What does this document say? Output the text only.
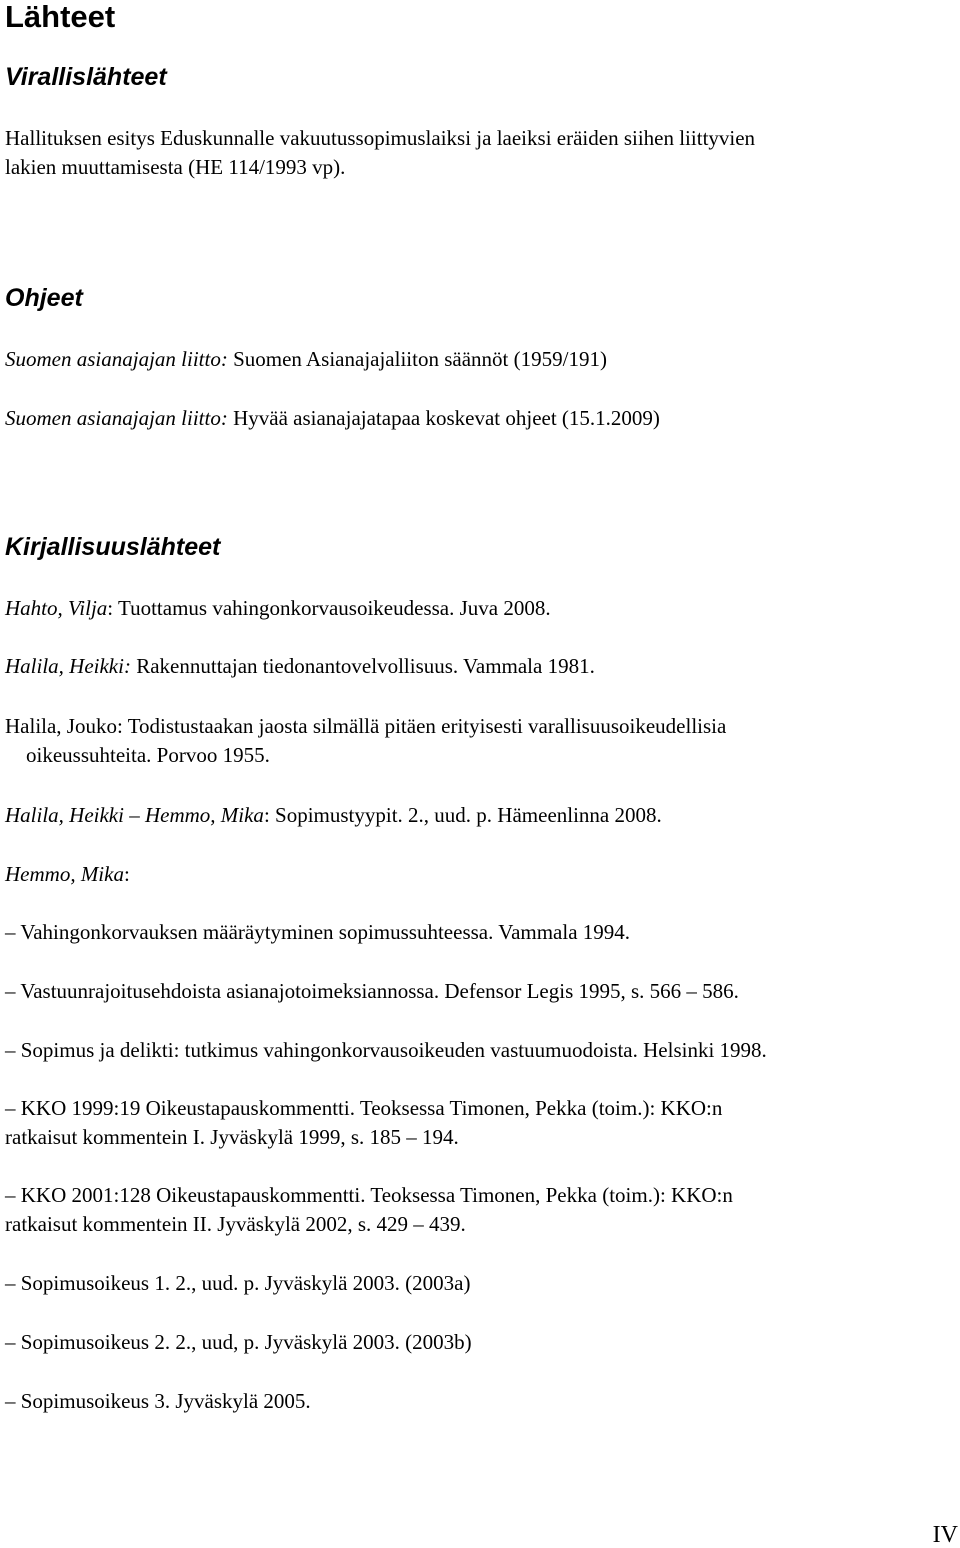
Lähteet
Virallislähteet
Hallituksen esitys Eduskunnalle vakuutussopimuslaiksi ja laeiksi eräiden siihen liittyvien
lakien muuttamisesta (HE 114/1993 vp).
Ohjeet
Suomen asianajajan liitto: Suomen Asianajajaliiton säännöt (1959/191)
Suomen asianajajan liitto: Hyvää asianajajatapaa koskevat ohjeet (15.1.2009)
Kirjallisuuslähteet
Hahto, Vilja: Tuottamus vahingonkorvausoikeudessa. Juva 2008.
Halila, Heikki: Rakennuttajan tiedonantovelvollisuus. Vammala 1981.
Halila, Jouko: Todistustaakan jaosta silmällä pitäen erityisesti varallisuusoikeudellisia
oikeussuhteita. Porvoo 1955.
Halila, Heikki – Hemmo, Mika: Sopimustyypit. 2., uud. p. Hämeenlinna 2008.
Hemmo, Mika:
– Vahingonkorvauksen määräytyminen sopimussuhteessa. Vammala 1994.
– Vastuunrajoitusehdoista asianajotoimeksiannossa. Defensor Legis 1995, s. 566 – 586.
– Sopimus ja delikti: tutkimus vahingonkorvausoikeuden vastuumuodoista. Helsinki 1998.
– KKO 1999:19 Oikeustapauskommentti. Teoksessa Timonen, Pekka (toim.): KKO:n
ratkaisut kommentein I. Jyväskylä 1999, s. 185 – 194.
– KKO 2001:128 Oikeustapauskommentti. Teoksessa Timonen, Pekka (toim.): KKO:n
ratkaisut kommentein II. Jyväskylä 2002, s. 429 – 439.
– Sopimusoikeus 1. 2., uud. p. Jyväskylä 2003. (2003a)
– Sopimusoikeus 2. 2., uud, p. Jyväskylä 2003. (2003b)
– Sopimusoikeus 3. Jyväskylä 2005.
IV
